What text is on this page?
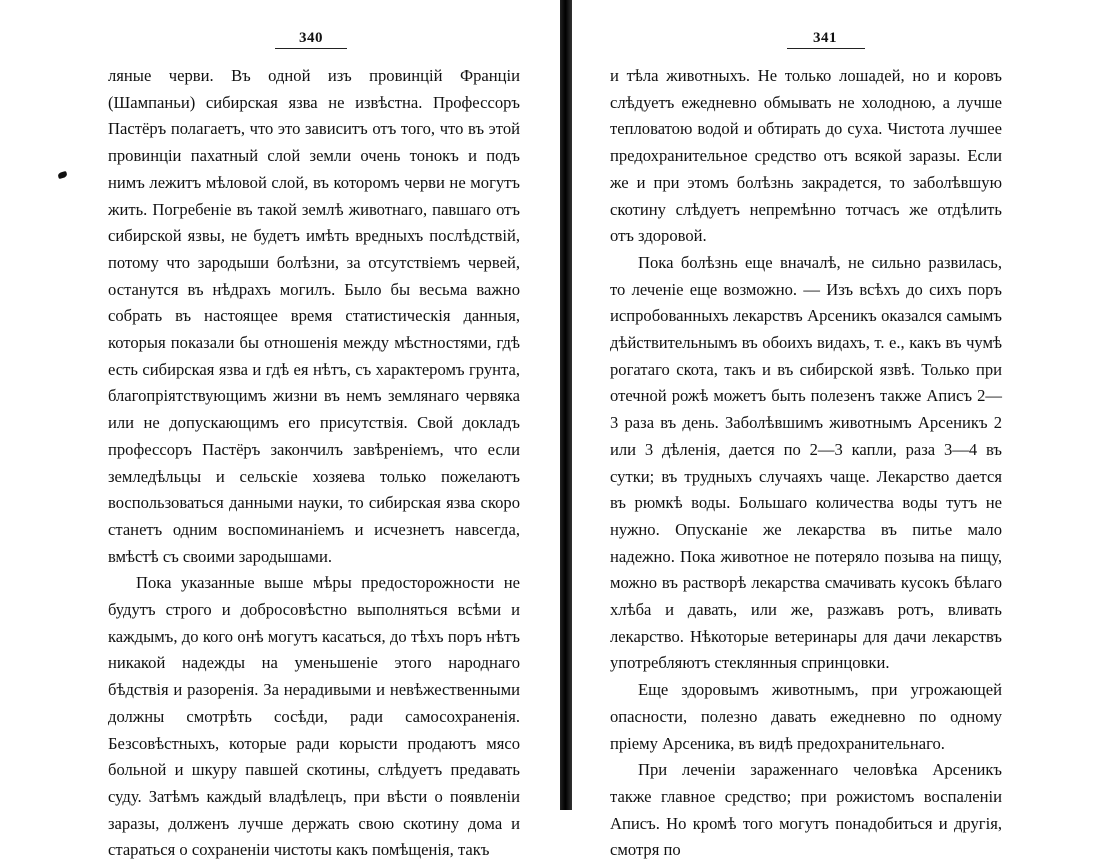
340

ляные черви. Въ одной изъ провинцій Франціи (Шампаньи) сибирская язва не извѣстна. Профессоръ Пастёръ полагаетъ, что это зависитъ отъ того, что въ этой провинціи пахатный слой земли очень тонокъ и подъ нимъ лежитъ мѣловой слой, въ которомъ черви не могутъ жить. Погребеніе въ такой землѣ животнаго, павшаго отъ сибирской язвы, не будетъ имѣть вредныхъ послѣдствій, потому что зародыши болѣзни, за отсутствіемъ червей, останутся въ нѣдрахъ могилъ. Было бы весьма важно собрать въ настоящее время статистическія данныя, которыя показали бы отношенія между мѣстностями, гдѣ есть сибирская язва и гдѣ ея нѣтъ, съ характеромъ грунта, благопріятствующимъ жизни въ немъ землянаго червяка или не допускающимъ его присутствія. Свой докладъ профессоръ Пастёръ закончилъ завѣреніемъ, что если земледѣльцы и сельскіе хозяева только пожелаютъ воспользоваться данными науки, то сибирская язва скоро станетъ одним воспоминаніемъ и исчезнетъ навсегда, вмѣстѣ съ своими зародышами.

Пока указанные выше мѣры предосторожности не будутъ строго и добросовѣстно выполняться всѣми и каждымъ, до кого онѣ могутъ касаться, до тѣхъ поръ нѣтъ никакой надежды на уменьшеніе этого народнаго бѣдствія и разоренія. За нерадивыми и невѣжественными должны смотрѣть сосѣди, ради самосохраненія. Безсовѣстныхъ, которые ради корысти продаютъ мясо больной и шкуру павшей скотины, слѣдуетъ предавать суду. Затѣмъ каждый владѣлецъ, при вѣсти о появленіи заразы, долженъ лучше держать свою скотину дома и стараться о сохраненіи чистоты какъ помѣщенія, такъ

341

и тѣла животныхъ. Не только лошадей, но и коровъ слѣдуетъ ежедневно обмывать не холодною, а лучше тепловатою водой и обтирать до суха. Чистота лучшее предохранительное средство отъ всякой заразы. Если же и при этомъ болѣзнь закрадется, то заболѣвшую скотину слѣдуетъ непремѣнно тотчасъ же отдѣлить отъ здоровой.

Пока болѣзнь еще вначалѣ, не сильно развилась, то леченіе еще возможно. — Изъ всѣхъ до сихъ поръ испробованныхъ лекарствъ Арсеникъ оказался самымъ дѣйствительнымъ въ обоихъ видахъ, т. е., какъ въ чумѣ рогатаго скота, такъ и въ сибирской язвѣ. Только при отечной рожѣ можетъ быть полезенъ также Аписъ 2—3 раза въ день. Заболѣвшимъ животнымъ Арсеникъ 2 или 3 дѣленія, дается по 2—3 капли, раза 3—4 въ сутки; въ трудныхъ случаяхъ чаще. Лекарство дается въ рюмкѣ воды. Большаго количества воды тутъ не нужно. Опусканіе же лекарства въ питье мало надежно. Пока животное не потеряло позыва на пищу, можно въ растворѣ лекарства смачивать кусокъ бѣлаго хлѣба и давать, или же, разжавъ ротъ, вливать лекарство. Нѣкоторые ветеринары для дачи лекарствъ употребляютъ стеклянныя спринцовки.

Еще здоровымъ животнымъ, при угрожающей опасности, полезно давать ежедневно по одному пріему Арсеника, въ видѣ предохранительнаго.

При леченіи зараженнаго человѣка Арсеникъ также главное средство; при рожистомъ воспаленіи Аписъ. Но кромѣ того могутъ понадобиться и другія, смотря по
